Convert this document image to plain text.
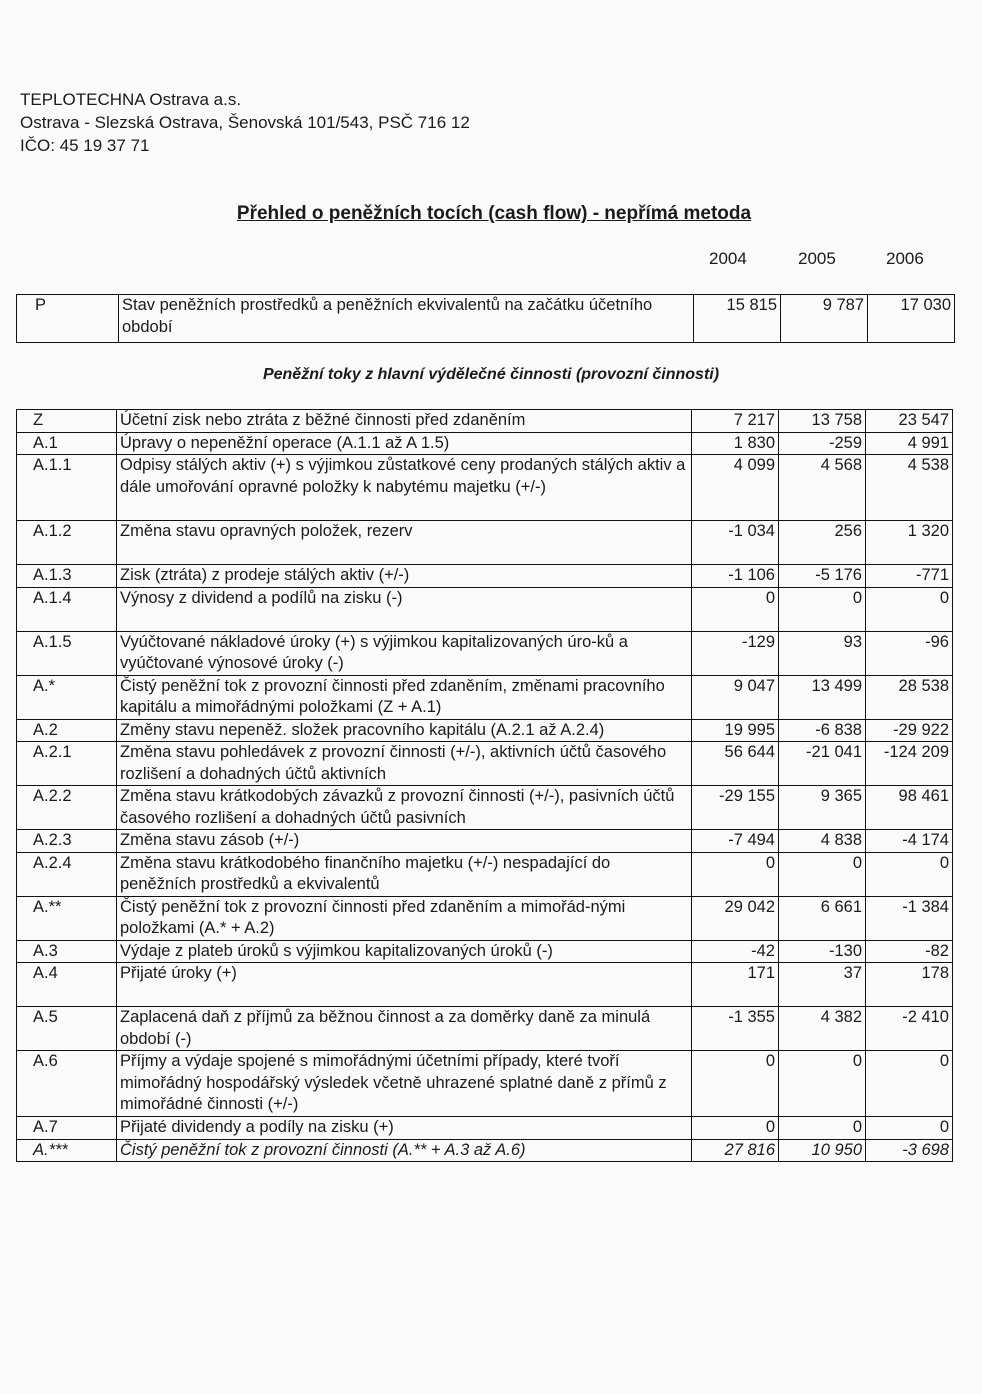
TEPLOTECHNA Ostrava a.s.
Ostrava - Slezská Ostrava, Šenovská 101/543, PSČ 716 12
IČO: 45 19 37 71
Přehled o peněžních tocích (cash flow) - nepřímá metoda
2004	2005	2006
P	Stav peněžních prostředků a peněžních ekvivalentů na začátku účetního období	15 815	9 787	17 030
Peněžní toky z hlavní výdělečné činnosti (provozní činnosti)
Z	Účetní zisk nebo ztráta z běžné činnosti před zdaněním	7 217	13 758	23 547
A.1	Úpravy o nepeněžní operace (A.1.1 až A 1.5)	1 830	-259	4 991
A.1.1	Odpisy stálých aktiv (+) s výjimkou zůstatkové ceny prodaných stálých aktiv a dále umořování opravné položky k nabytému majetku (+/-)	4 099	4 568	4 538
A.1.2	Změna stavu opravných položek, rezerv	-1 034	256	1 320
A.1.3	Zisk (ztráta) z prodeje stálých aktiv (+/-)	-1 106	-5 176	-771
A.1.4	Výnosy z dividend a podílů na zisku (-)	0	0	0
A.1.5	Vyúčtované nákladové úroky (+) s výjimkou kapitalizovaných úro-ků a vyúčtované výnosové úroky (-)	-129	93	-96
A.*	Čistý peněžní tok z provozní činnosti před zdaněním, změnami pracovního kapitálu a mimořádnými položkami (Z + A.1)	9 047	13 499	28 538
A.2	Změny stavu nepeněž. složek pracovního kapitálu (A.2.1 až A.2.4)	19 995	-6 838	-29 922
A.2.1	Změna stavu pohledávek z provozní činnosti (+/-), aktivních účtů časového rozlišení a dohadných účtů aktivních	56 644	-21 041	-124 209
A.2.2	Změna stavu krátkodobých závazků z provozní činnosti (+/-), pasivních účtů časového rozlišení a dohadných účtů pasivních	-29 155	9 365	98 461
A.2.3	Změna stavu zásob (+/-)	-7 494	4 838	-4 174
A.2.4	Změna stavu krátkodobého finančního majetku (+/-) nespadající do peněžních prostředků a ekvivalentů	0	0	0
A.**	Čistý peněžní tok z provozní činnosti před zdaněním a mimořád-nými položkami (A.* + A.2)	29 042	6 661	-1 384
A.3	Výdaje z plateb úroků s výjimkou kapitalizovaných úroků (-)	-42	-130	-82
A.4	Přijaté úroky (+)	171	37	178
A.5	Zaplacená daň z příjmů za běžnou činnost a za doměrky daně za minulá období (-)	-1 355	4 382	-2 410
A.6	Příjmy a výdaje spojené s mimořádnými účetními případy, které tvoří mimořádný hospodářský výsledek včetně uhrazené splatné daně z přímů z mimořádné činnosti (+/-)	0	0	0
A.7	Přijaté dividendy a podíly na zisku (+)	0	0	0
A.***	Čistý peněžní tok z provozní činnosti (A.** + A.3 až A.6)	27 816	10 950	-3 698
